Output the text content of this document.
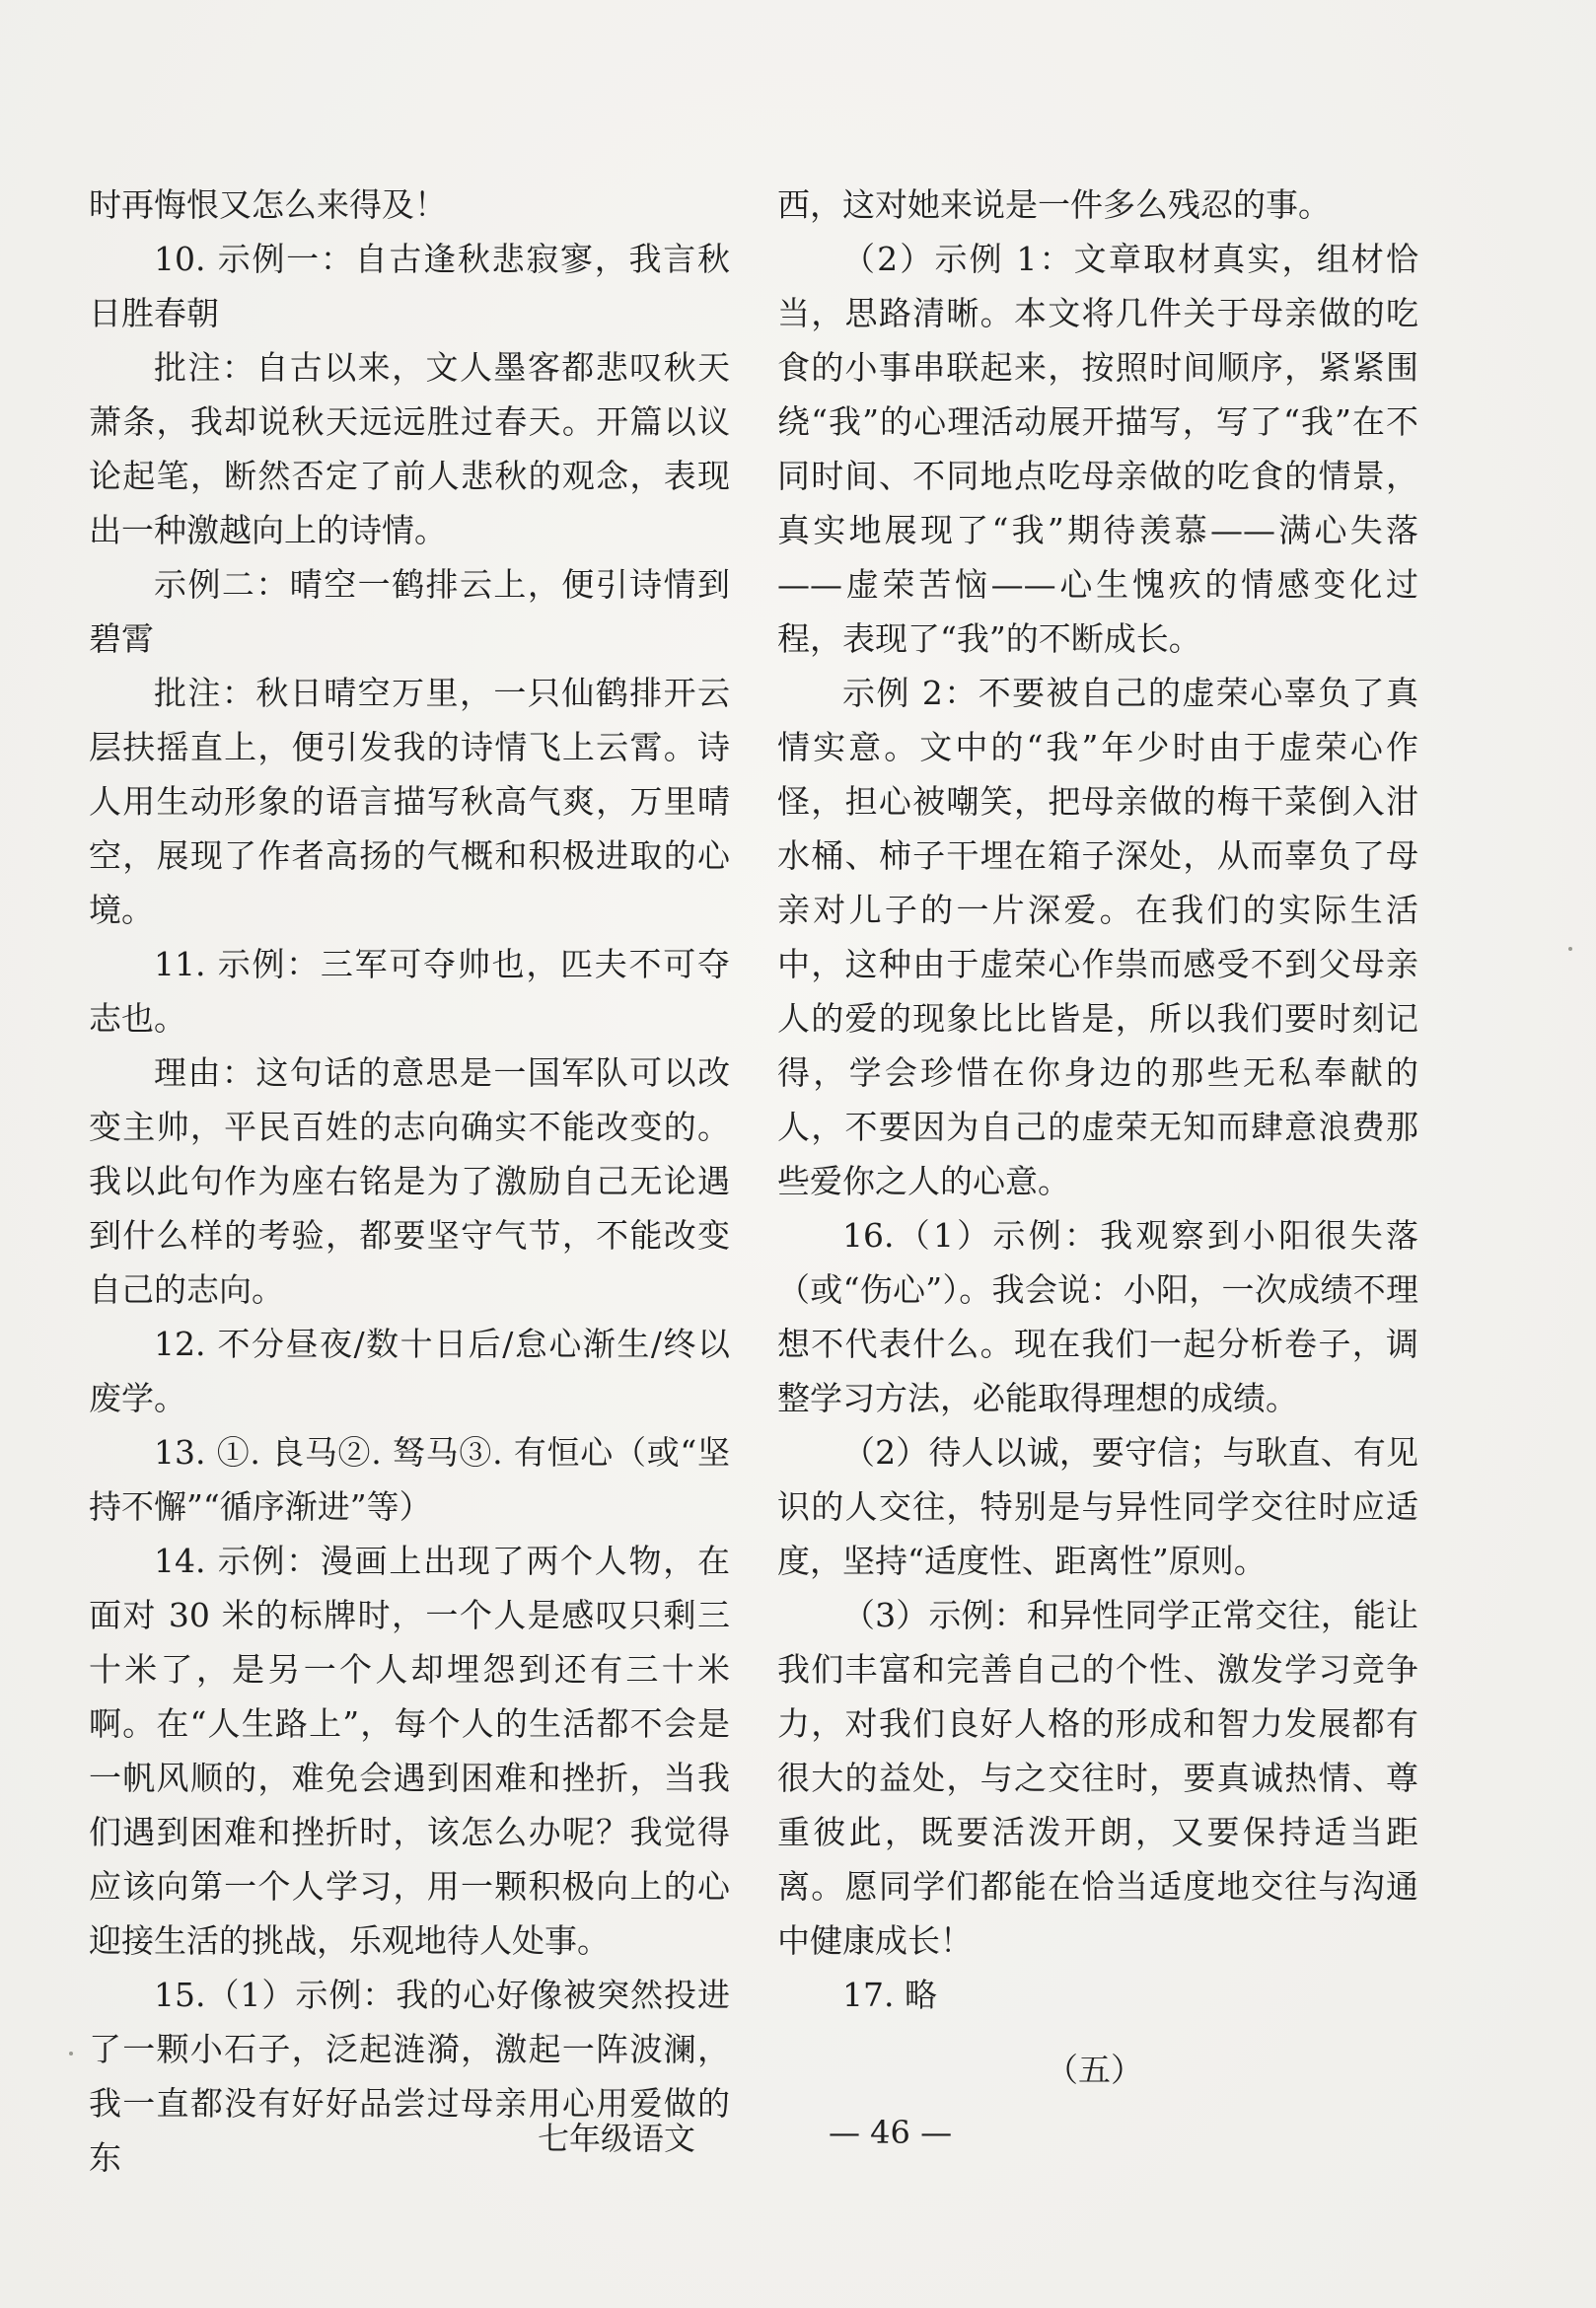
时再悔恨又怎么来得及！

10. 示例一：自古逢秋悲寂寥，我言秋日胜春朝

批注：自古以来，文人墨客都悲叹秋天萧条，我却说秋天远远胜过春天。开篇以议论起笔，断然否定了前人悲秋的观念，表现出一种激越向上的诗情。

示例二：晴空一鹤排云上，便引诗情到碧霄

批注：秋日晴空万里，一只仙鹤排开云层扶摇直上，便引发我的诗情飞上云霄。诗人用生动形象的语言描写秋高气爽，万里晴空，展现了作者高扬的气概和积极进取的心境。

11. 示例：三军可夺帅也，匹夫不可夺志也。

理由：这句话的意思是一国军队可以改变主帅，平民百姓的志向确实不能改变的。我以此句作为座右铭是为了激励自己无论遇到什么样的考验，都要坚守气节，不能改变自己的志向。

12. 不分昼夜/数十日后/怠心渐生/终以废学。

13. ①. 良马②. 驽马③. 有恒心（或“坚持不懈”“循序渐进”等）

14. 示例：漫画上出现了两个人物，在面对 30 米的标牌时，一个人是感叹只剩三十米了，是另一个人却埋怨到还有三十米啊。在“人生路上”，每个人的生活都不会是一帆风顺的，难免会遇到困难和挫折，当我们遇到困难和挫折时，该怎么办呢？我觉得应该向第一个人学习，用一颗积极向上的心迎接生活的挑战，乐观地待人处事。

15.（1）示例：我的心好像被突然投进了一颗小石子，泛起涟漪，激起一阵波澜，我一直都没有好好品尝过母亲用心用爱做的东

西，这对她来说是一件多么残忍的事。

（2）示例 1：文章取材真实，组材恰当，思路清晰。本文将几件关于母亲做的吃食的小事串联起来，按照时间顺序，紧紧围绕“我”的心理活动展开描写，写了“我”在不同时间、不同地点吃母亲做的吃食的情景，真实地展现了“我”期待羡慕——满心失落——虚荣苦恼——心生愧疚的情感变化过程，表现了“我”的不断成长。

示例 2：不要被自己的虚荣心辜负了真情实意。文中的“我”年少时由于虚荣心作怪，担心被嘲笑，把母亲做的梅干菜倒入泔水桶、柿子干埋在箱子深处，从而辜负了母亲对儿子的一片深爱。在我们的实际生活中，这种由于虚荣心作祟而感受不到父母亲人的爱的现象比比皆是，所以我们要时刻记得，学会珍惜在你身边的那些无私奉献的人，不要因为自己的虚荣无知而肆意浪费那些爱你之人的心意。

16.（1）示例：我观察到小阳很失落（或“伤心”）。我会说：小阳，一次成绩不理想不代表什么。现在我们一起分析卷子，调整学习方法，必能取得理想的成绩。

（2）待人以诚，要守信；与耿直、有见识的人交往，特别是与异性同学交往时应适度，坚持“适度性、距离性”原则。

（3）示例：和异性同学正常交往，能让我们丰富和完善自己的个性、激发学习竞争力，对我们良好人格的形成和智力发展都有很大的益处，与之交往时，要真诚热情、尊重彼此，既要活泼开朗，又要保持适当距离。愿同学们都能在恰当适度地交往与沟通中健康成长！

17. 略

（五）
七年级语文	— 46 —
